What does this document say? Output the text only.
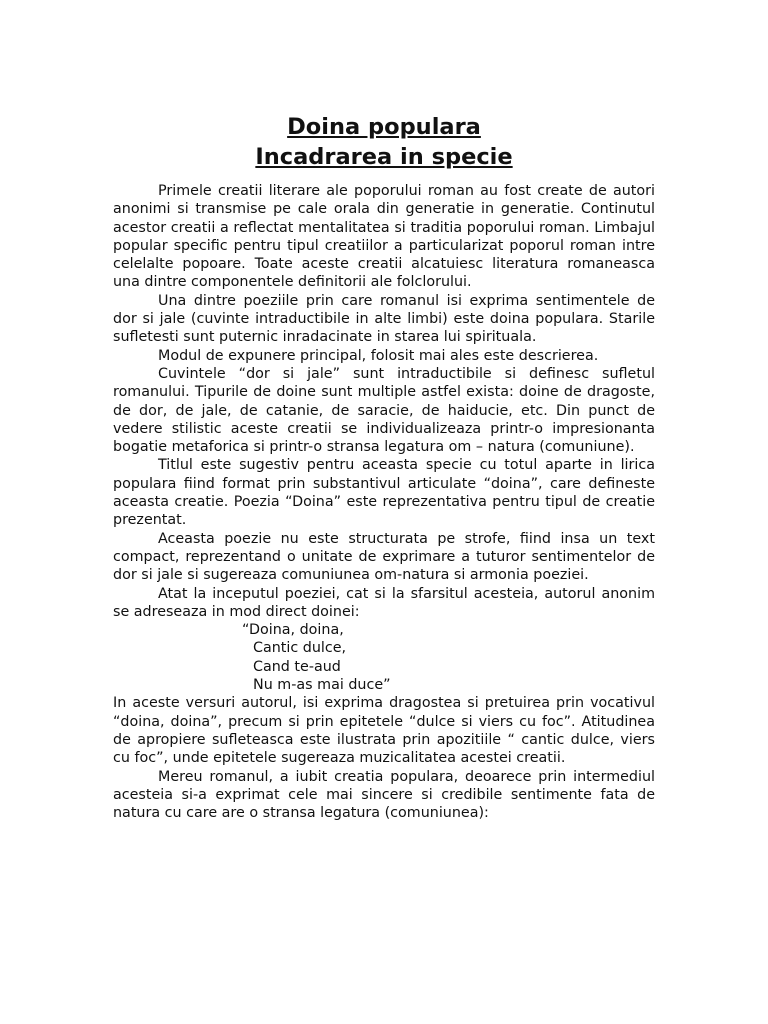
Doina populara
Incadrarea in specie

Primele creatii literare ale poporului roman au fost create de autori anonimi si transmise pe cale orala din generatie in generatie. Continutul acestor creatii a reflectat mentalitatea si traditia poporului roman. Limbajul popular specific pentru tipul creatiilor a particularizat poporul roman intre celelalte popoare. Toate aceste creatii alcatuiesc literatura romaneasca una dintre componentele definitorii ale folclorului.

Una dintre poeziile prin care romanul isi exprima sentimentele de dor si jale (cuvinte intraductibile in alte limbi) este doina populara. Starile sufletesti sunt puternic inradacinate in starea lui spirituala.

Modul de expunere principal, folosit mai ales este descrierea.

Cuvintele “dor si jale” sunt intraductibile si definesc sufletul romanului. Tipurile de doine sunt multiple astfel exista: doine de dragoste, de dor, de jale, de catanie, de saracie, de haiducie, etc. Din punct de vedere stilistic aceste creatii se individualizeaza printr-o impresionanta bogatie metaforica si printr-o stransa legatura om – natura (comuniune).

Titlul este sugestiv pentru aceasta specie cu totul aparte in lirica populara fiind format prin substantivul articulate “doina”, care defineste aceasta creatie. Poezia “Doina” este reprezentativa pentru tipul de creatie prezentat.

Aceasta poezie nu este structurata pe strofe, fiind insa un text compact, reprezentand o unitate de exprimare a tuturor sentimentelor de dor si jale si sugereaza comuniunea om-natura si armonia poeziei.

Atat la inceputul poeziei, cat si la sfarsitul acesteia, autorul anonim se adreseaza in mod direct doinei:

“Doina, doina,

Cantic dulce,

Cand te-aud

Nu m-as mai duce”

In aceste versuri autorul, isi exprima dragostea si pretuirea prin vocativul “doina, doina”, precum si prin epitetele “dulce si viers cu foc”. Atitudinea de apropiere sufleteasca este ilustrata prin apozitiile “ cantic dulce, viers cu foc”, unde epitetele sugereaza muzicalitatea acestei creatii.

Mereu romanul, a iubit creatia populara, deoarece prin intermediul acesteia si-a exprimat cele mai sincere si credibile sentimente fata de natura cu care are o stransa legatura (comuniunea):
